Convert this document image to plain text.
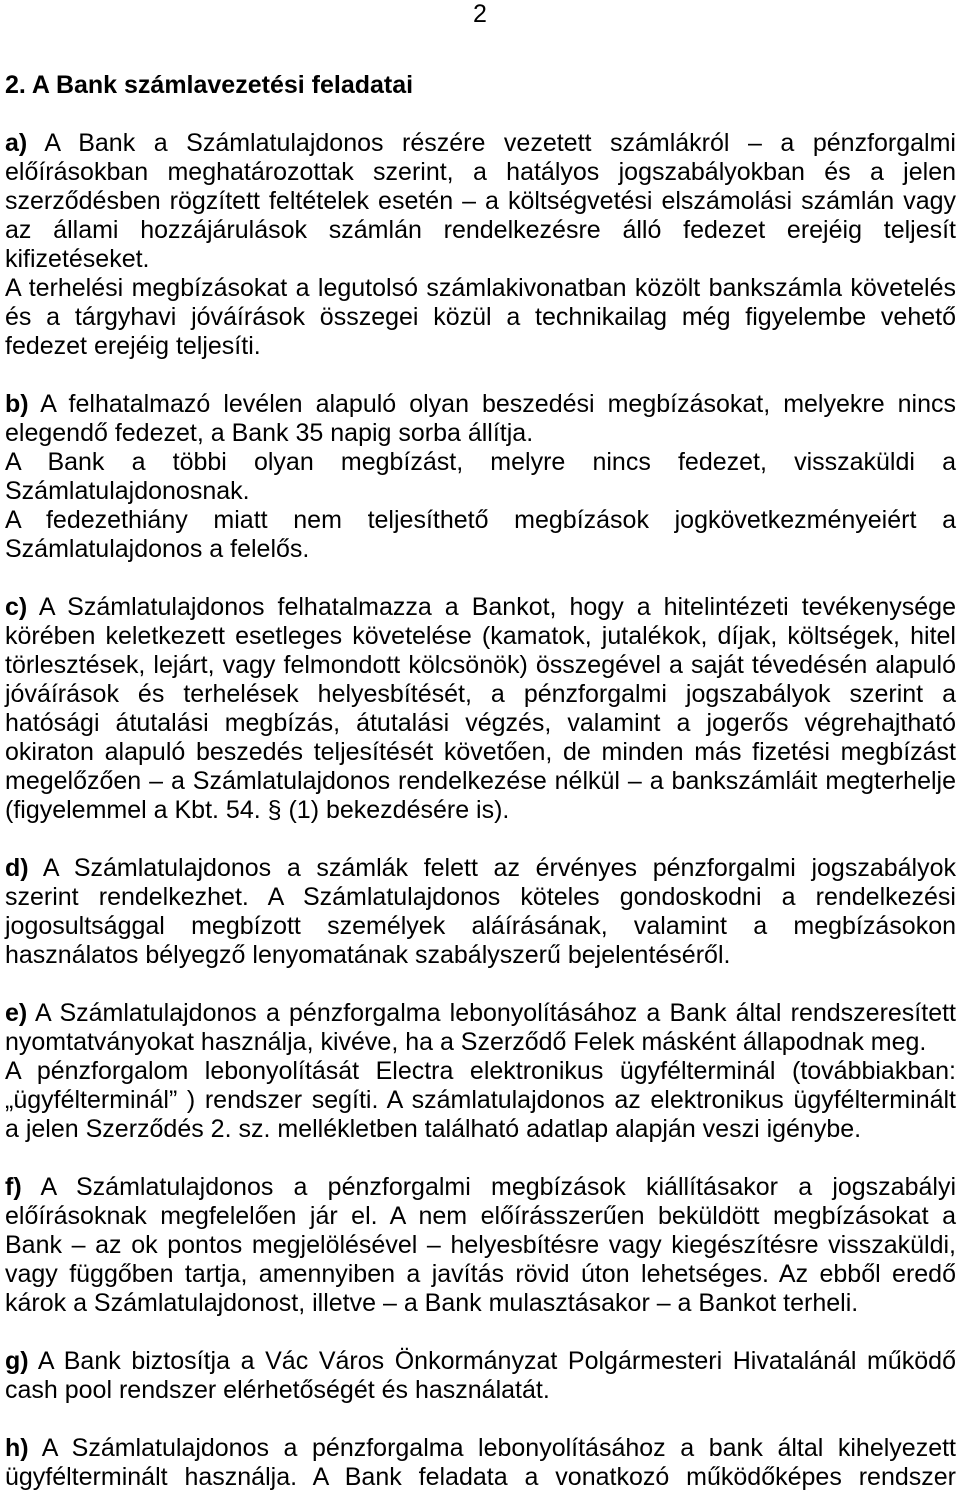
2
2. A Bank számlavezetési feladatai
a) A Bank a Számlatulajdonos részére vezetett számlákról – a pénzforgalmi
előírásokban meghatározottak szerint, a hatályos jogszabályokban és a jelen
szerződésben rögzített feltételek esetén – a költségvetési elszámolási számlán vagy
az állami hozzájárulások számlán rendelkezésre álló fedezet erejéig teljesít
kifizetéseket.
A terhelési megbízásokat a legutolsó számlakivonatban közölt bankszámla követelés
és a tárgyhavi jóváírások összegei közül a technikailag még figyelembe vehető
fedezet erejéig teljesíti.
b) A felhatalmazó levélen alapuló olyan beszedési megbízásokat, melyekre nincs
elegendő fedezet, a Bank 35 napig sorba állítja.
A Bank a többi olyan megbízást, melyre nincs fedezet, visszaküldi a
Számlatulajdonosnak.
A fedezethiány miatt nem teljesíthető megbízások jogkövetkezményeiért a
Számlatulajdonos a felelős.
c) A Számlatulajdonos felhatalmazza a Bankot, hogy a hitelintézeti tevékenysége
körében keletkezett esetleges követelése (kamatok, jutalékok, díjak, költségek, hitel
törlesztések, lejárt, vagy felmondott kölcsönök) összegével a saját tévedésén alapuló
jóváírások és terhelések helyesbítését, a pénzforgalmi jogszabályok szerint a
hatósági átutalási megbízás, átutalási végzés, valamint a jogerős végrehajtható
okiraton alapuló beszedés teljesítését követően, de minden más fizetési megbízást
megelőzően – a Számlatulajdonos rendelkezése nélkül – a bankszámláit megterhelje
(figyelemmel a Kbt. 54. § (1) bekezdésére is).
d) A Számlatulajdonos a számlák felett az érvényes pénzforgalmi jogszabályok
szerint rendelkezhet. A Számlatulajdonos köteles gondoskodni a rendelkezési
jogosultsággal megbízott személyek aláírásának, valamint a megbízásokon
használatos bélyegző lenyomatának szabályszerű bejelentéséről.
e) A Számlatulajdonos a pénzforgalma lebonyolításához a Bank által rendszeresített
nyomtatványokat használja, kivéve, ha a Szerződő Felek másként állapodnak meg.
A pénzforgalom lebonyolítását Electra elektronikus ügyfélterminál (továbbiakban:
„ügyfélterminál” ) rendszer segíti. A számlatulajdonos az elektronikus ügyfélterminált
a jelen Szerződés 2. sz. mellékletben található adatlap alapján veszi igénybe.
f) A Számlatulajdonos a pénzforgalmi megbízások kiállításakor a jogszabályi
előírásoknak megfelelően jár el. A nem előírásszerűen beküldött megbízásokat a
Bank – az ok pontos megjelölésével – helyesbítésre vagy kiegészítésre visszaküldi,
vagy függőben tartja, amennyiben a javítás rövid úton lehetséges. Az ebből eredő
károk a Számlatulajdonost, illetve – a Bank mulasztásakor – a Bankot terheli.
g) A Bank biztosítja a Vác Város Önkormányzat Polgármesteri Hivatalánál működő
cash pool rendszer elérhetőségét és használatát.
h) A Számlatulajdonos a pénzforgalma lebonyolításához a bank által kihelyezett
ügyfélterminált használja. A Bank feladata a vonatkozó működőképes rendszer
